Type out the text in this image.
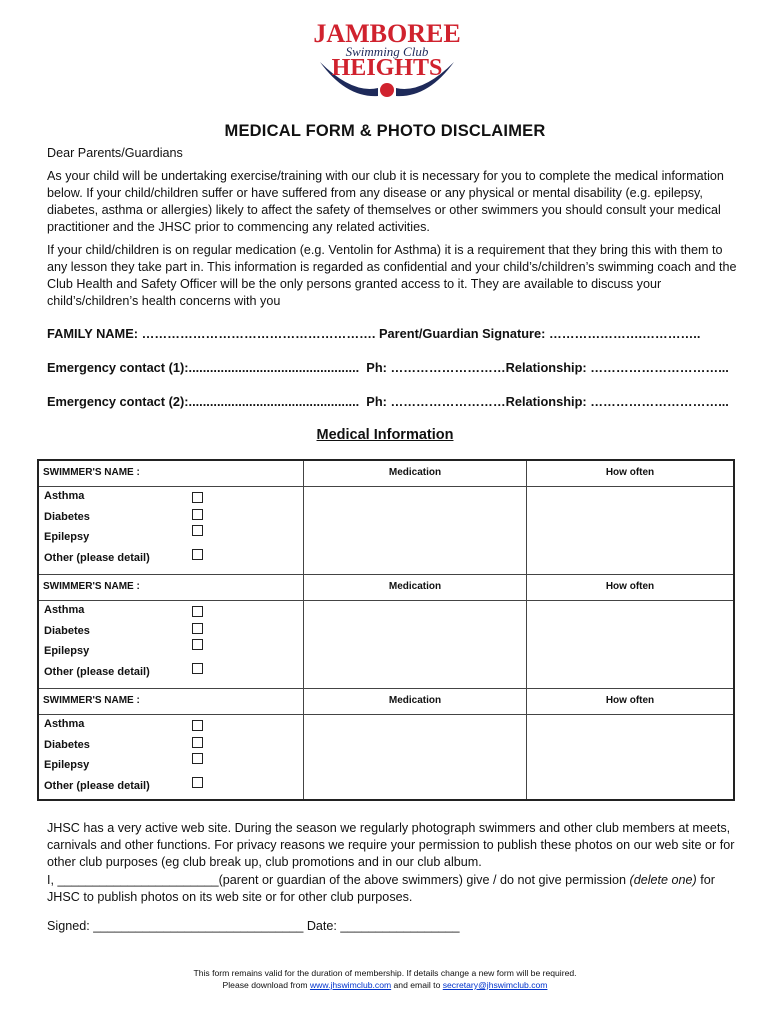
JAMBOREE
Swimming Club
HEIGHTS
MEDICAL FORM & PHOTO DISCLAIMER
Dear Parents/Guardians
As your child will be undertaking exercise/training with our club it is necessary for you to complete the medical information below. If your child/children suffer or have suffered from any disease or any physical or mental disability (e.g. epilepsy, diabetes, asthma or allergies) likely to affect the safety of themselves or other swimmers you should consult your medical practitioner and the JHSC prior to commencing any related activities.
If your child/children is on regular medication (e.g. Ventolin for Asthma) it is a requirement that they bring this with them to any lesson they take part in. This information is regarded as confidential and your child’s/children’s swimming coach and the Club Health and Safety Officer will be the only persons granted access to it. They are available to discuss your child’s/children’s health concerns with you
FAMILY NAME: ………………………………………………. Parent/Guardian Signature: ………………….…………..
Emergency contact (1):................................................  Ph: ………………………Relationship: …………………………...
Emergency contact (2):................................................  Ph: ………………………Relationship: …………………………...
Medical Information
SWIMMER'S NAME :	Medication	How often
Asthma
Diabetes
Epilepsy
Other (please detail)
SWIMMER'S NAME :	Medication	How often
Asthma
Diabetes
Epilepsy
Other (please detail)
SWIMMER'S NAME :	Medication	How often
Asthma
Diabetes
Epilepsy
Other (please detail)
JHSC has a very active web site. During the season we regularly photograph swimmers and other club members at meets, carnivals and other functions. For privacy reasons we require your permission to publish these photos on our web site or for other club purposes (eg club break up, club promotions and in our club album.
I, _______________________(parent or guardian of the above swimmers) give / do not give permission (delete one) for JHSC to publish photos on its web site or for other club purposes.
Signed: ______________________________ Date: _________________
This form remains valid for the duration of membership. If details change a new form will be required.
Please download from www.jhswimclub.com and email to secretary@jhswimclub.com
